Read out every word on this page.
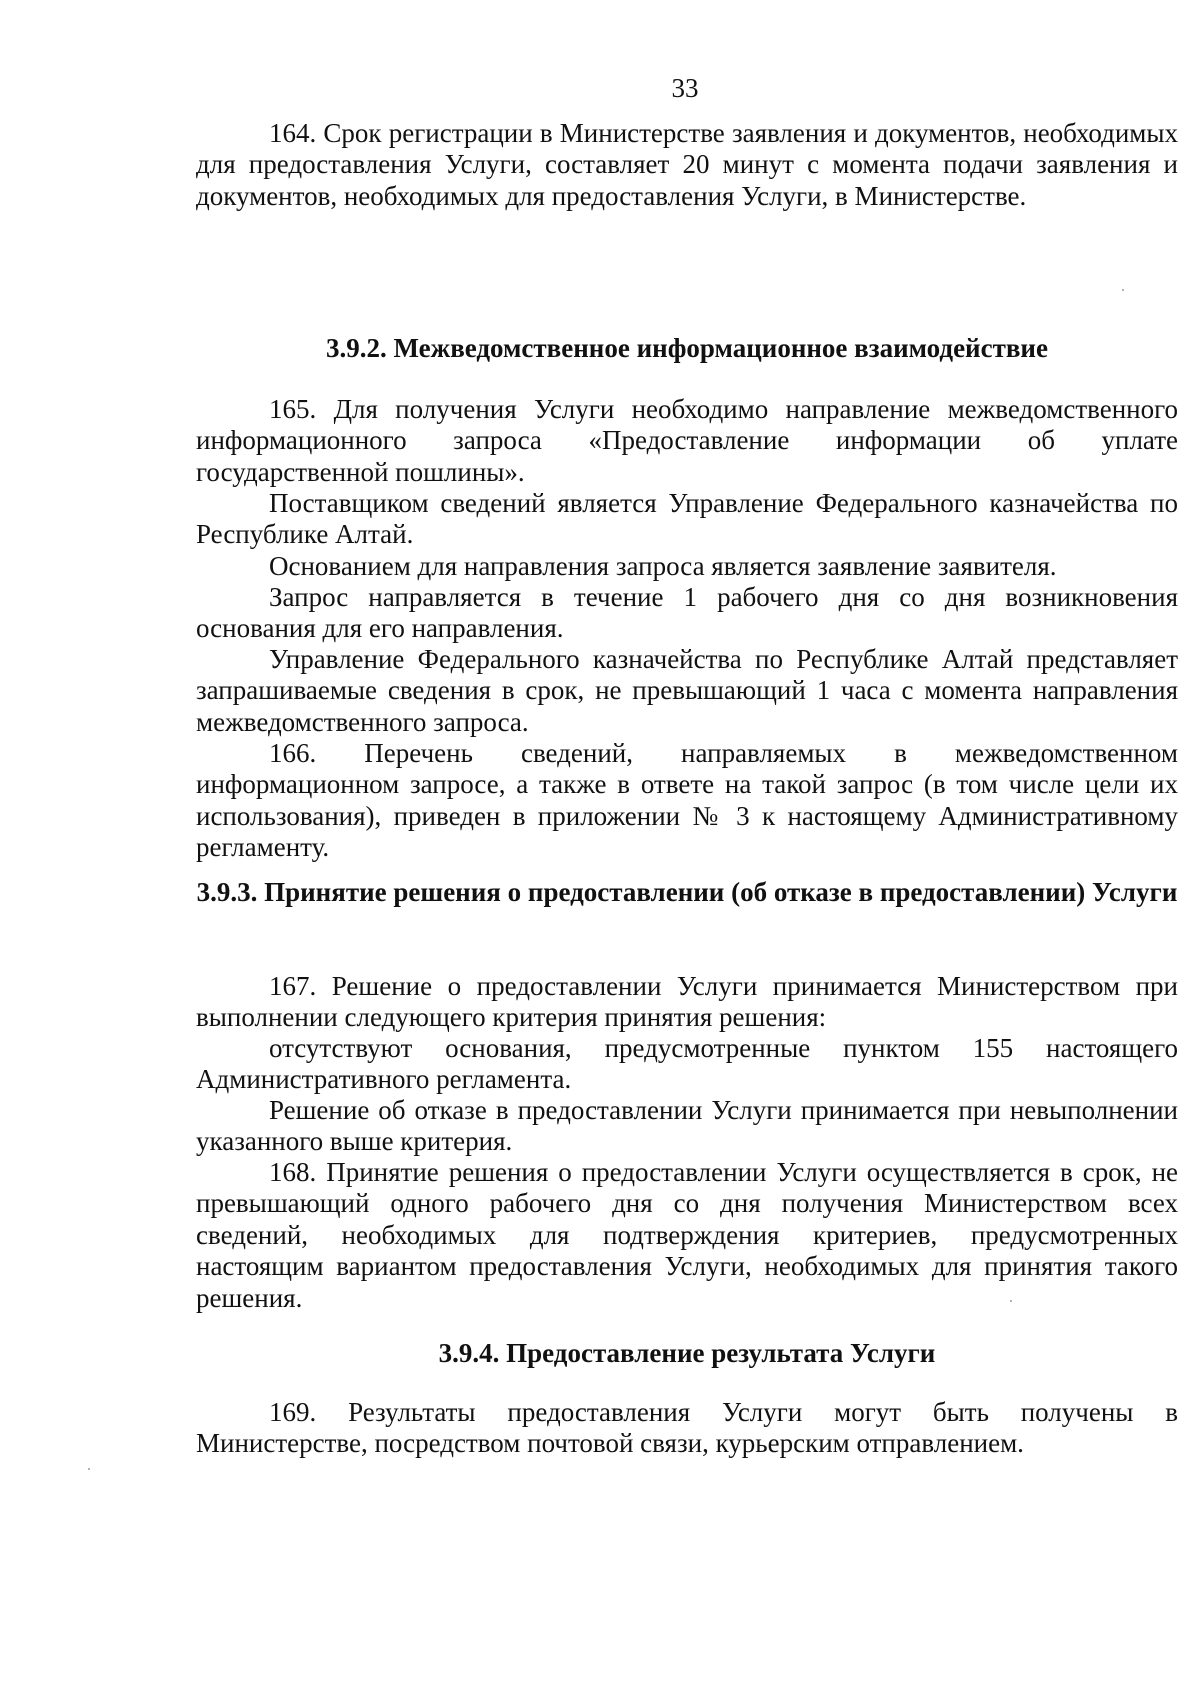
33

164. Срок регистрации в Министерстве заявления и документов, необходимых для предоставления Услуги, составляет 20 минут с момента подачи заявления и документов, необходимых для предоставления Услуги, в Министерстве.

3.9.2. Межведомственное информационное взаимодействие

165. Для получения Услуги необходимо направление межведомственного информационного запроса «Предоставление информации об уплате государственной пошлины».

Поставщиком сведений является Управление Федерального казначейства по Республике Алтай.

Основанием для направления запроса является заявление заявителя.

Запрос направляется в течение 1 рабочего дня со дня возникновения основания для его направления.

Управление Федерального казначейства по Республике Алтай представляет запрашиваемые сведения в срок, не превышающий 1 часа с момента направления межведомственного запроса.

166. Перечень сведений, направляемых в межведомственном информационном запросе, а также в ответе на такой запрос (в том числе цели их использования), приведен в приложении № 3 к настоящему Административному регламенту.

3.9.3. Принятие решения о предоставлении (об отказе в предоставлении) Услуги

167. Решение о предоставлении Услуги принимается Министерством при выполнении следующего критерия принятия решения:

отсутствуют основания, предусмотренные пунктом 155 настоящего Административного регламента.

Решение об отказе в предоставлении Услуги принимается при невыполнении указанного выше критерия.

168. Принятие решения о предоставлении Услуги осуществляется в срок, не превышающий одного рабочего дня со дня получения Министерством всех сведений, необходимых для подтверждения критериев, предусмотренных настоящим вариантом предоставления Услуги, необходимых для принятия такого решения.

3.9.4. Предоставление результата Услуги

169. Результаты предоставления Услуги могут быть получены в Министерстве, посредством почтовой связи, курьерским отправлением.
